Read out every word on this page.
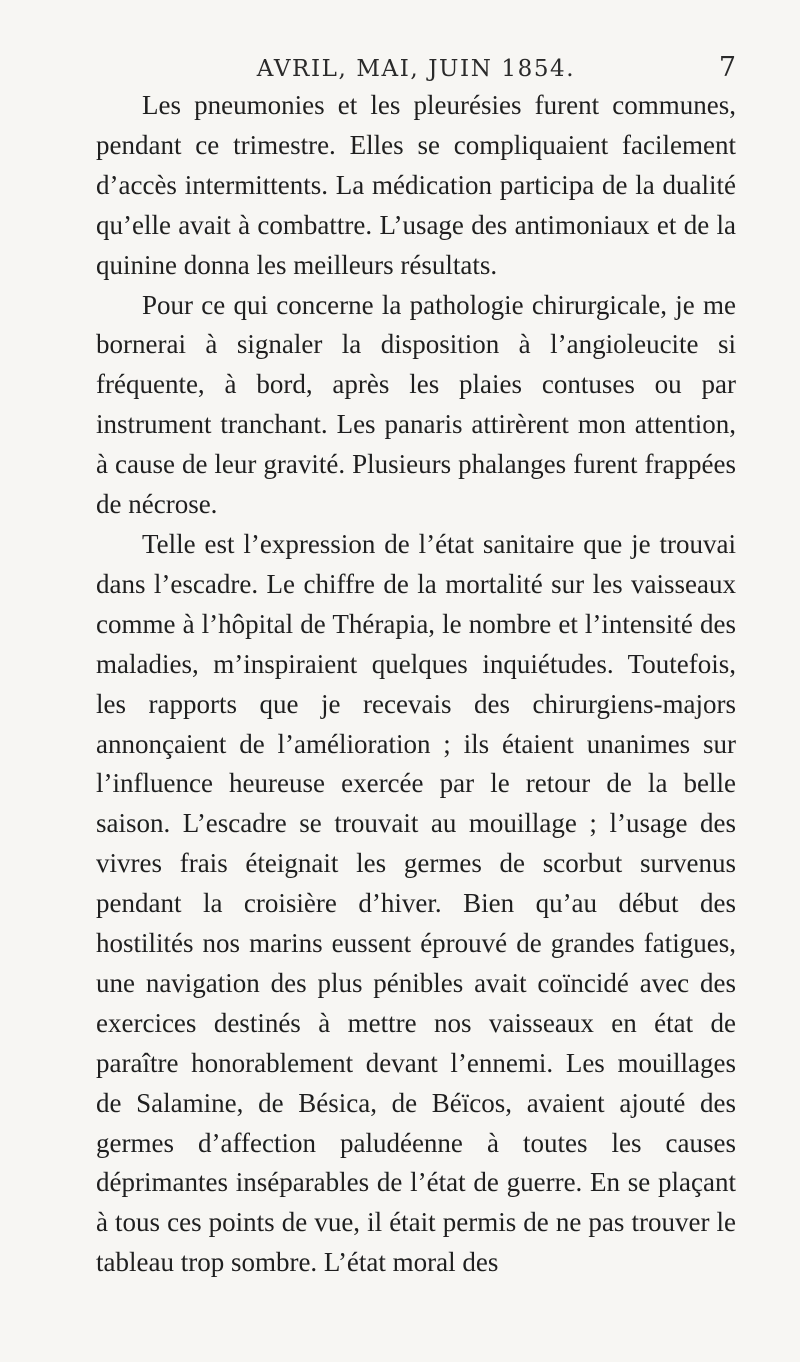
AVRIL, MAI, JUIN 1854.	7

Les pneumonies et les pleurésies furent communes, pendant ce trimestre. Elles se compliquaient facilement d’accès intermittents. La médication participa de la dualité qu’elle avait à combattre. L’usage des antimoniaux et de la quinine donna les meilleurs résultats.

Pour ce qui concerne la pathologie chirurgicale, je me bornerai à signaler la disposition à l’angioleucite si fréquente, à bord, après les plaies contuses ou par instrument tranchant. Les panaris attirèrent mon attention, à cause de leur gravité. Plusieurs phalanges furent frappées de nécrose.

Telle est l’expression de l’état sanitaire que je trouvai dans l’escadre. Le chiffre de la mortalité sur les vaisseaux comme à l’hôpital de Thérapia, le nombre et l’intensité des maladies, m’inspiraient quelques inquiétudes. Toutefois, les rapports que je recevais des chirurgiens-majors annonçaient de l’amélioration ; ils étaient unanimes sur l’influence heureuse exercée par le retour de la belle saison. L’escadre se trouvait au mouillage ; l’usage des vivres frais éteignait les germes de scorbut survenus pendant la croisière d’hiver. Bien qu’au début des hostilités nos marins eussent éprouvé de grandes fatigues, une navigation des plus pénibles avait coïncidé avec des exercices destinés à mettre nos vaisseaux en état de paraître honorablement devant l’ennemi. Les mouillages de Salamine, de Bésica, de Béïcos, avaient ajouté des germes d’affection paludéenne à toutes les causes déprimantes inséparables de l’état de guerre. En se plaçant à tous ces points de vue, il était permis de ne pas trouver le tableau trop sombre. L’état moral des
